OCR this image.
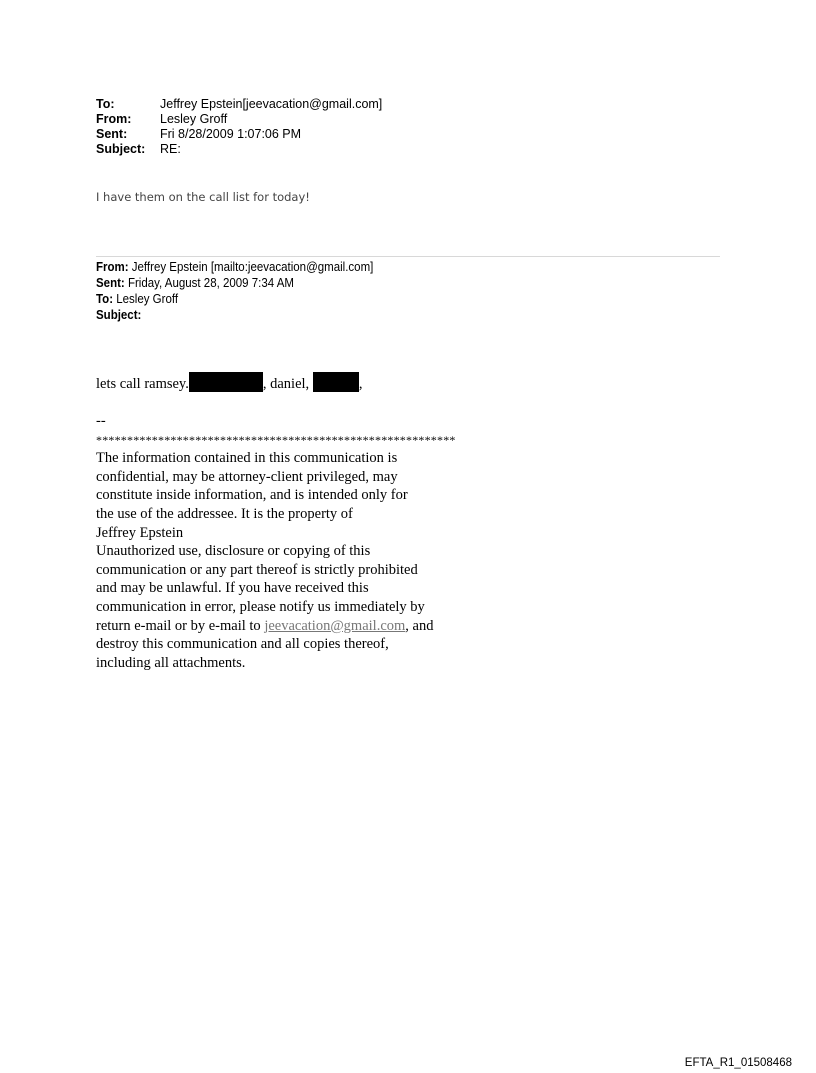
To:	Jeffrey Epstein[jeevacation@gmail.com]
From:	Lesley Groff
Sent:	Fri 8/28/2009 1:07:06 PM
Subject:	RE:
I have them on the call list for today!
From: Jeffrey Epstein [mailto:jeevacation@gmail.com]
Sent: Friday, August 28, 2009 7:34 AM
To: Lesley Groff
Subject:
lets call ramsey.	, daniel,	,
--
**********************************************************
The information contained in this communication is
confidential, may be attorney-client privileged, may
constitute inside information, and is intended only for
the use of the addressee. It is the property of
Jeffrey Epstein
Unauthorized use, disclosure or copying of this
communication or any part thereof is strictly prohibited
and may be unlawful. If you have received this
communication in error, please notify us immediately by
return e-mail or by e-mail to jeevacation@gmail.com, and
destroy this communication and all copies thereof,
including all attachments.
EFTA_R1_01508468
